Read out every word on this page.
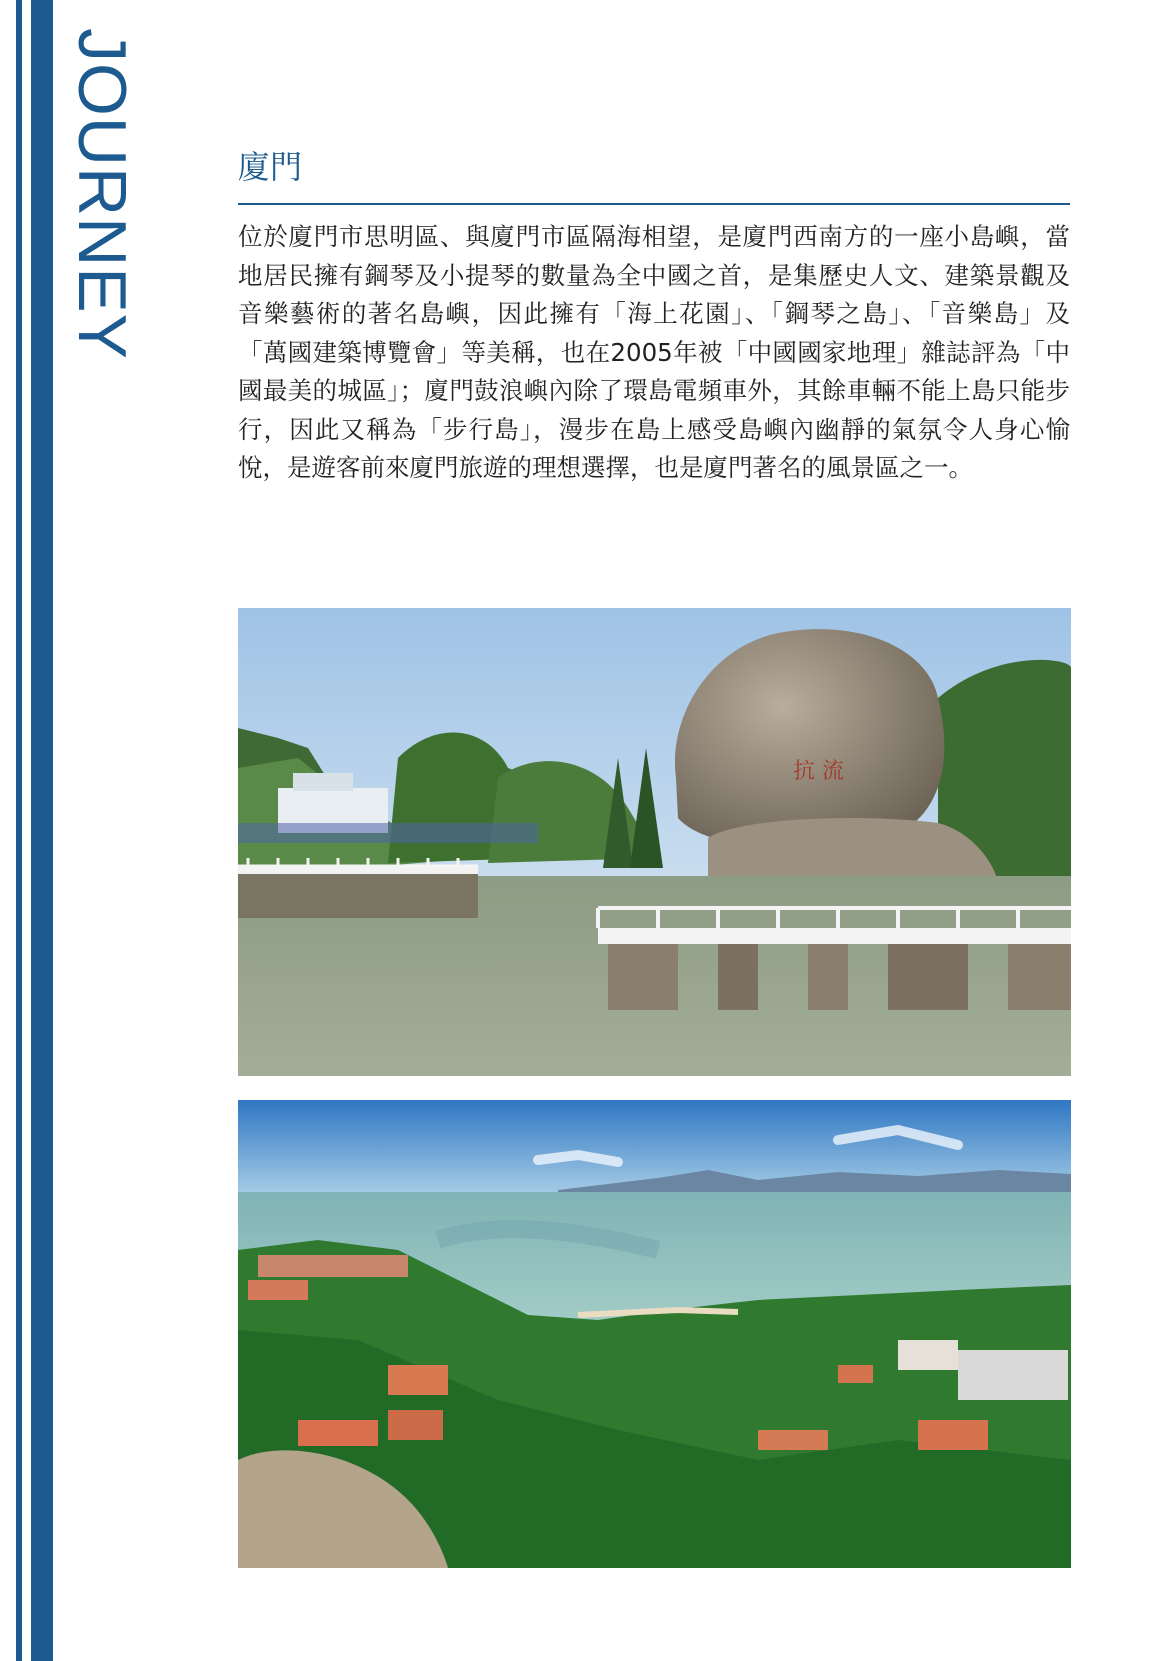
JOURNEY	廈門

位於廈門市思明區、與廈門市區隔海相望，是廈門西南方的一座小島嶼，當地居民擁有鋼琴及小提琴的數量為全中國之首，是集歷史人文、建築景觀及音樂藝術的著名島嶼，因此擁有「海上花園」、「鋼琴之島」、「音樂島」及「萬國建築博覽會」等美稱，也在2005年被「中國國家地理」雜誌評為「中國最美的城區」；廈門鼓浪嶼內除了環島電頻車外，其餘車輛不能上島只能步行，因此又稱為「步行島」，漫步在島上感受島嶼內幽靜的氣氛令人身心愉悅，是遊客前來廈門旅遊的理想選擇，也是廈門著名的風景區之一。

抗 流
